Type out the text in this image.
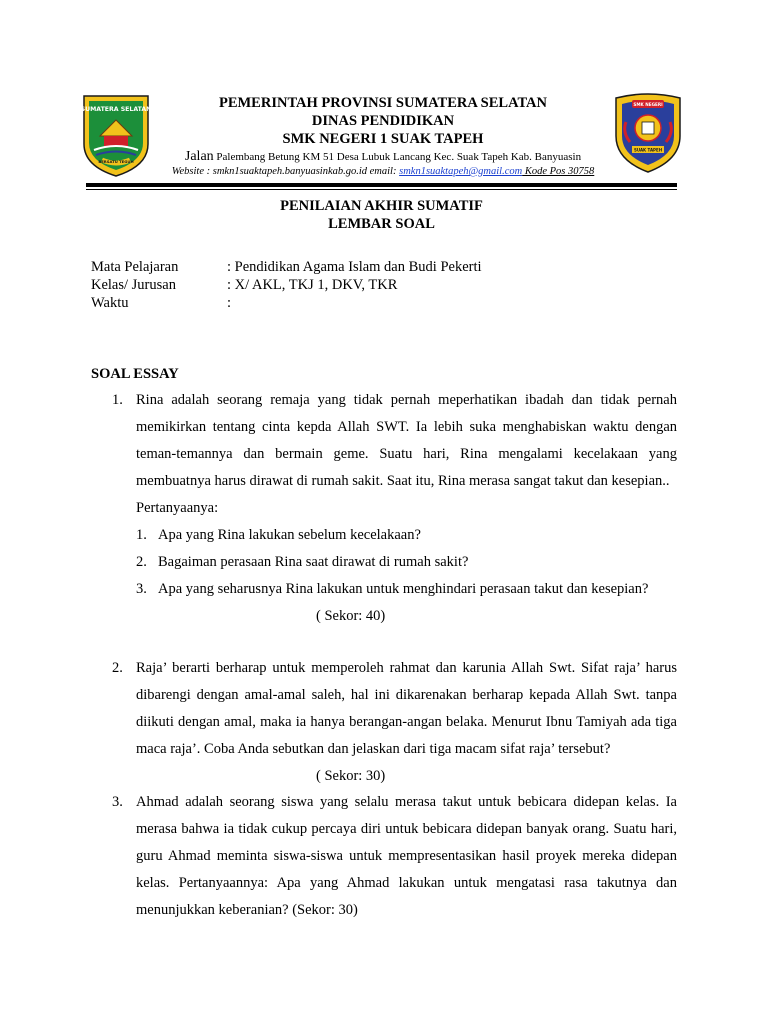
SUMATERA SELATAN
BERSATU TEGUH
SMK NEGERI
SUAK TAPEH
PEMERINTAH PROVINSI SUMATERA SELATAN
DINAS PENDIDIKAN
SMK NEGERI 1 SUAK TAPEH
Jalan Palembang Betung KM 51 Desa Lubuk Lancang Kec. Suak Tapeh Kab. Banyuasin
Website : smkn1suaktapeh.banyuasinkab.go.id email: smkn1suaktapeh@gmail.com Kode Pos 30758
PENILAIAN AKHIR SUMATIF
LEMBAR SOAL
Mata Pelajaran	: Pendidikan Agama Islam dan Budi Pekerti
Kelas/ Jurusan	: X/ AKL, TKJ 1, DKV, TKR
Waktu	:
SOAL ESSAY
1. Rina adalah seorang remaja yang tidak pernah meperhatikan ibadah dan tidak pernah memikirkan tentang cinta kepda Allah SWT. Ia lebih suka menghabiskan waktu dengan teman-temannya dan bermain geme. Suatu hari, Rina mengalami kecelakaan yang membuatnya harus dirawat di rumah sakit. Saat itu, Rina merasa sangat takut dan kesepian..
Pertanyaanya:
1. Apa yang Rina lakukan sebelum kecelakaan?
2. Bagaiman perasaan Rina saat dirawat di rumah sakit?
3. Apa yang seharusnya Rina lakukan untuk menghindari perasaan takut dan kesepian?
( Sekor: 40)
2. Raja’ berarti berharap untuk memperoleh rahmat dan karunia Allah Swt. Sifat raja’ harus dibarengi dengan amal-amal saleh, hal ini dikarenakan berharap kepada Allah Swt. tanpa diikuti dengan amal, maka ia hanya berangan-angan belaka. Menurut Ibnu Tamiyah ada tiga maca raja’. Coba Anda sebutkan dan jelaskan dari tiga macam sifat raja’ tersebut?
( Sekor: 30)
3. Ahmad adalah seorang siswa yang selalu merasa takut untuk bebicara didepan kelas. Ia merasa bahwa ia tidak cukup percaya diri untuk bebicara didepan banyak orang. Suatu hari, guru Ahmad meminta siswa-siswa untuk mempresentasikan hasil proyek mereka didepan kelas. Pertanyaannya: Apa yang Ahmad lakukan untuk mengatasi rasa takutnya dan menunjukkan keberanian? (Sekor: 30)
